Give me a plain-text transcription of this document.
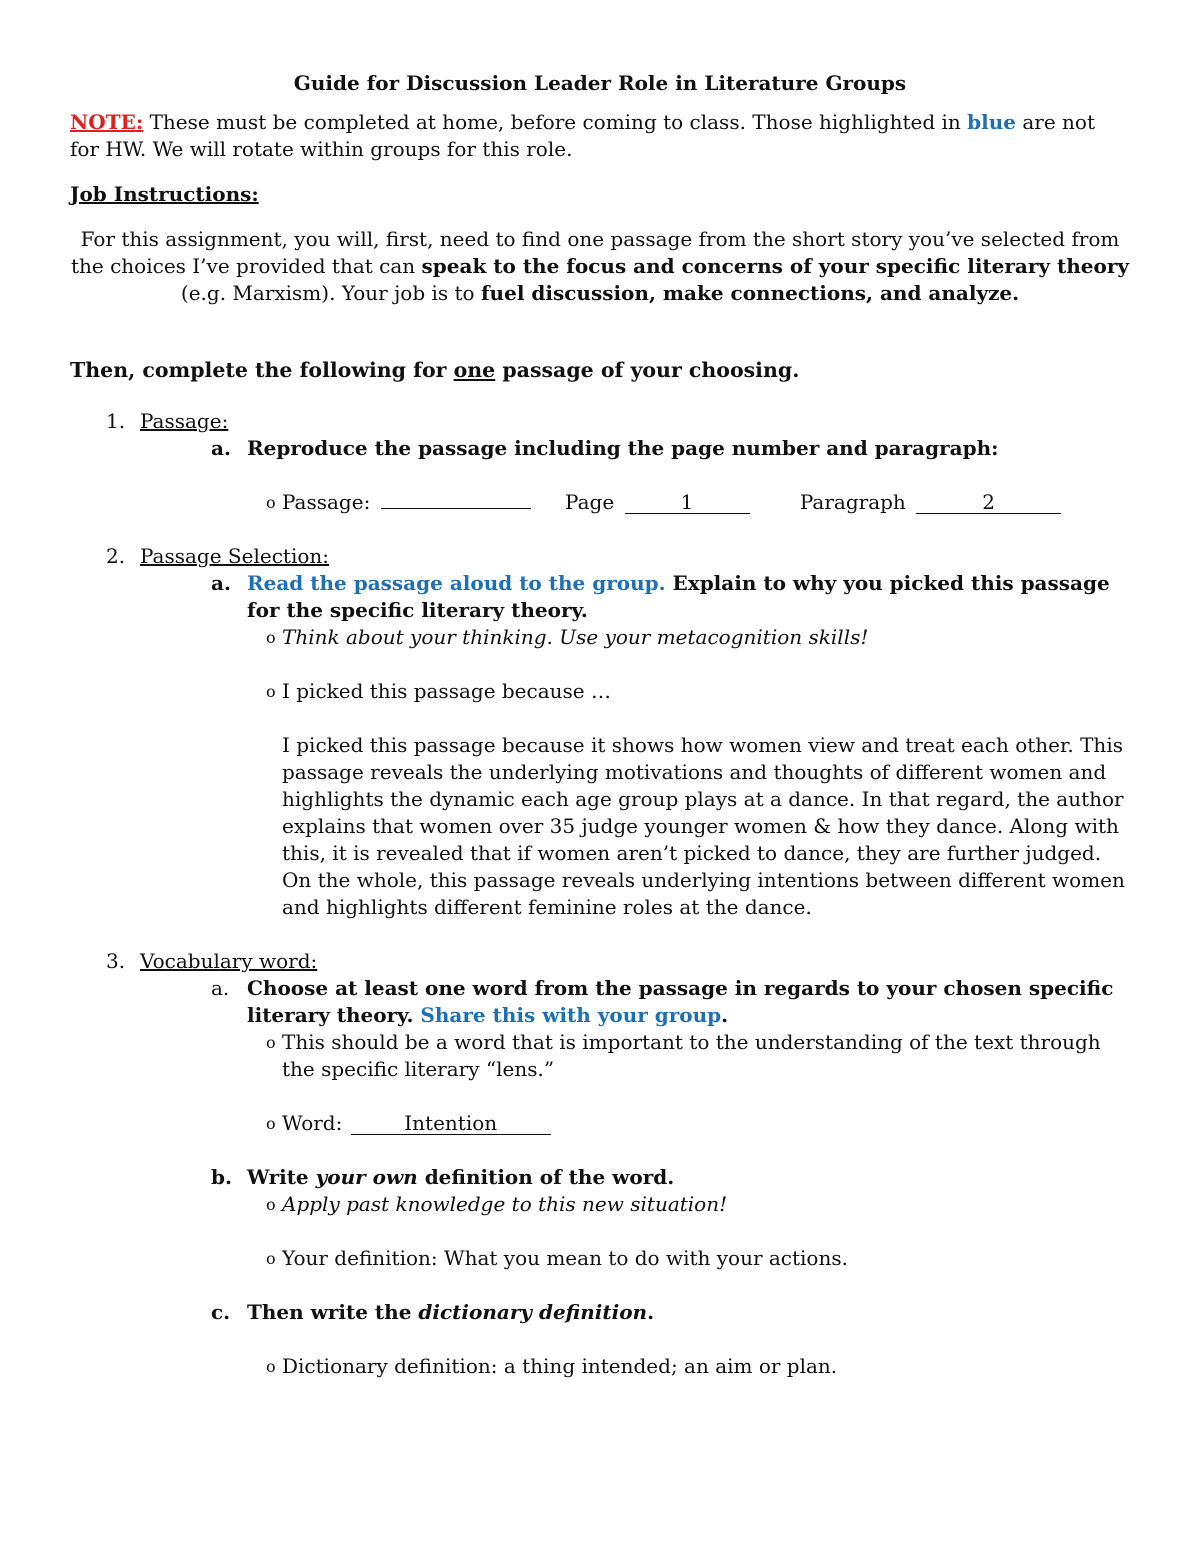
Guide for Discussion Leader Role in Literature Groups

NOTE: These must be completed at home, before coming to class. Those highlighted in blue are not for HW. We will rotate within groups for this role.

Job Instructions:

For this assignment, you will, first, need to find one passage from the short story you’ve selected from the choices I’ve provided that can speak to the focus and concerns of your specific literary theory (e.g. Marxism). Your job is to fuel discussion, make connections, and analyze.

Then, complete the following for one passage of your choosing.

1. Passage:

a. Reproduce the passage including the page number and paragraph:

o Passage:	Page	1	Paragraph	2

2. Passage Selection:

a. Read the passage aloud to the group. Explain to why you picked this passage for the specific literary theory.

o Think about your thinking. Use your metacognition skills!

o I picked this passage because …

I picked this passage because it shows how women view and treat each other. This passage reveals the underlying motivations and thoughts of different women and highlights the dynamic each age group plays at a dance. In that regard, the author explains that women over 35 judge younger women & how they dance. Along with this, it is revealed that if women aren’t picked to dance, they are further judged. On the whole, this passage reveals underlying intentions between different women and highlights different feminine roles at the dance.

3. Vocabulary word:

a. Choose at least one word from the passage in regards to your chosen specific literary theory. Share this with your group.

o This should be a word that is important to the understanding of the text through the specific literary “lens.”

o Word:	Intention

b. Write your own definition of the word.

o Apply past knowledge to this new situation!

o Your definition: What you mean to do with your actions.

c. Then write the dictionary definition.

o Dictionary definition: a thing intended; an aim or plan.
